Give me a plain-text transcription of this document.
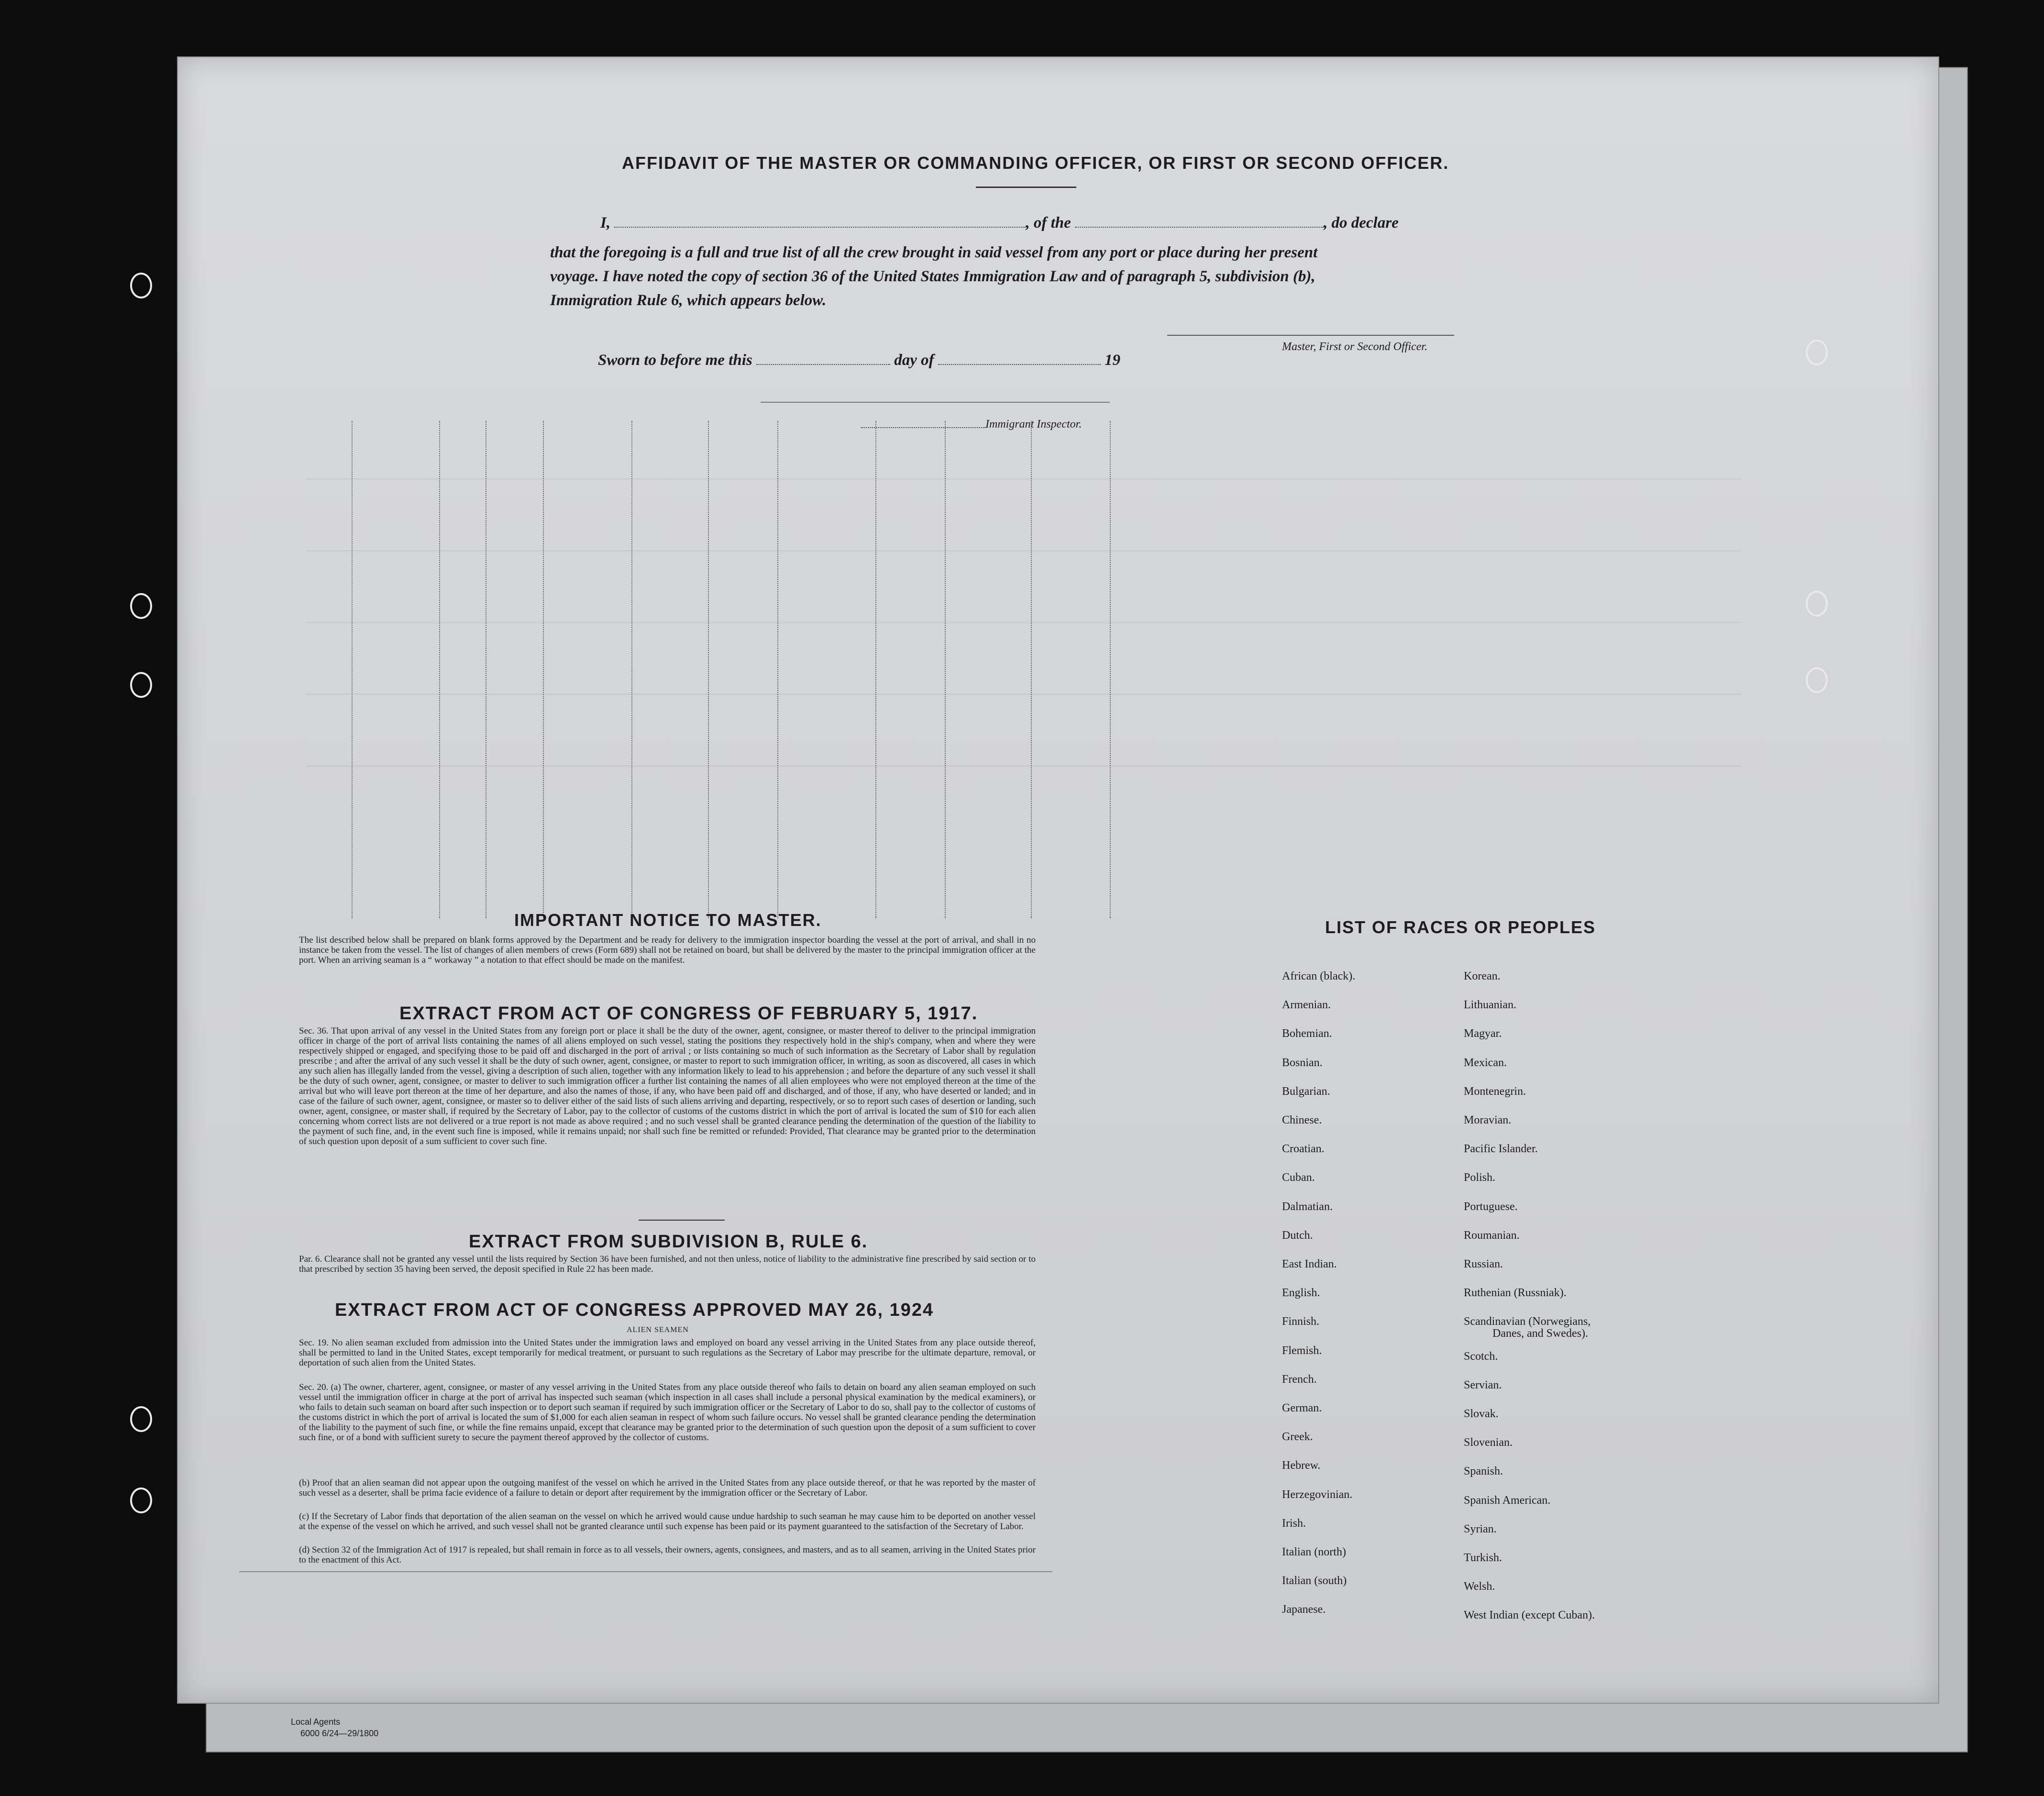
AFFIDAVIT OF THE MASTER OR COMMANDING OFFICER, OR FIRST OR SECOND OFFICER.
I,	, of the	, do declare
that the foregoing is a full and true list of all the crew brought in said vessel from any port or place during her present
voyage. I have noted the copy of section 36 of the United States Immigration Law and of paragraph 5, subdivision (b),
Immigration Rule 6, which appears below.
Master, First or Second Officer.
Sworn to before me this	day of	19
Immigrant Inspector.
IMPORTANT NOTICE TO MASTER.
The list described below shall be prepared on blank forms approved by the Department and be ready for delivery to the immigration inspector boarding the vessel at the port of arrival, and shall in no instance be taken from the vessel. The list of changes of alien members of crews (Form 689) shall not be retained on board, but shall be delivered by the master to the principal immigration officer at the port. When an arriving seaman is a “ workaway ” a notation to that effect should be made on the manifest.
EXTRACT FROM ACT OF CONGRESS OF FEBRUARY 5, 1917.
Sec. 36. That upon arrival of any vessel in the United States from any foreign port or place it shall be the duty of the owner, agent, consignee, or master thereof to deliver to the principal immigration officer in charge of the port of arrival lists containing the names of all aliens employed on such vessel, stating the positions they respectively hold in the ship's company, when and where they were respectively shipped or engaged, and specifying those to be paid off and discharged in the port of arrival ; or lists containing so much of such information as the Secretary of Labor shall by regulation prescribe ; and after the arrival of any such vessel it shall be the duty of such owner, agent, consignee, or master to report to such immigration officer, in writing, as soon as discovered, all cases in which any such alien has illegally landed from the vessel, giving a description of such alien, together with any information likely to lead to his apprehension ; and before the departure of any such vessel it shall be the duty of such owner, agent, consignee, or master to deliver to such immigration officer a further list containing the names of all alien employees who were not employed thereon at the time of the arrival but who will leave port thereon at the time of her departure, and also the names of those, if any, who have been paid off and discharged, and of those, if any, who have deserted or landed; and in case of the failure of such owner, agent, consignee, or master so to deliver either of the said lists of such aliens arriving and departing, respectively, or so to report such cases of desertion or landing, such owner, agent, consignee, or master shall, if required by the Secretary of Labor, pay to the collector of customs of the customs district in which the port of arrival is located the sum of $10 for each alien concerning whom correct lists are not delivered or a true report is not made as above required ; and no such vessel shall be granted clearance pending the determination of the question of the liability to the payment of such fine, and, in the event such fine is imposed, while it remains unpaid; nor shall such fine be remitted or refunded: Provided, That clearance may be granted prior to the determination of such question upon deposit of a sum sufficient to cover such fine.
EXTRACT FROM SUBDIVISION B, RULE 6.
Par. 6. Clearance shall not be granted any vessel until the lists required by Section 36 have been furnished, and not then unless, notice of liability to the administrative fine prescribed by said section or to that prescribed by section 35 having been served, the deposit specified in Rule 22 has been made.
EXTRACT FROM ACT OF CONGRESS APPROVED MAY 26, 1924
ALIEN SEAMEN
Sec. 19. No alien seaman excluded from admission into the United States under the immigration laws and employed on board any vessel arriving in the United States from any place outside thereof, shall be permitted to land in the United States, except temporarily for medical treatment, or pursuant to such regulations as the Secretary of Labor may prescribe for the ultimate departure, removal, or deportation of such alien from the United States.
Sec. 20. (a) The owner, charterer, agent, consignee, or master of any vessel arriving in the United States from any place outside thereof who fails to detain on board any alien seaman employed on such vessel until the immigration officer in charge at the port of arrival has inspected such seaman (which inspection in all cases shall include a personal physical examination by the medical examiners), or who fails to detain such seaman on board after such inspection or to deport such seaman if required by such immigration officer or the Secretary of Labor to do so, shall pay to the collector of customs of the customs district in which the port of arrival is located the sum of $1,000 for each alien seaman in respect of whom such failure occurs. No vessel shall be granted clearance pending the determination of the liability to the payment of such fine, or while the fine remains unpaid, except that clearance may be granted prior to the determination of such question upon the deposit of a sum sufficient to cover such fine, or of a bond with sufficient surety to secure the payment thereof approved by the collector of customs.
(b) Proof that an alien seaman did not appear upon the outgoing manifest of the vessel on which he arrived in the United States from any place outside thereof, or that he was reported by the master of such vessel as a deserter, shall be prima facie evidence of a failure to detain or deport after requirement by the immigration officer or the Secretary of Labor.
(c) If the Secretary of Labor finds that deportation of the alien seaman on the vessel on which he arrived would cause undue hardship to such seaman he may cause him to be deported on another vessel at the expense of the vessel on which he arrived, and such vessel shall not be granted clearance until such expense has been paid or its payment guaranteed to the satisfaction of the Secretary of Labor.
(d) Section 32 of the Immigration Act of 1917 is repealed, but shall remain in force as to all vessels, their owners, agents, consignees, and masters, and as to all seamen, arriving in the United States prior to the enactment of this Act.
LIST OF RACES OR PEOPLES
African (black).
Armenian.
Bohemian.
Bosnian.
Bulgarian.
Chinese.
Croatian.
Cuban.
Dalmatian.
Dutch.
East Indian.
English.
Finnish.
Flemish.
French.
German.
Greek.
Hebrew.
Herzegovinian.
Irish.
Italian (north)
Italian (south)
Japanese.
Korean.
Lithuanian.
Magyar.
Mexican.
Montenegrin.
Moravian.
Pacific Islander.
Polish.
Portuguese.
Roumanian.
Russian.
Ruthenian (Russniak).
Scandinavian (Norwegians,
Scotch.
Servian.
Slovak.
Slovenian.
Spanish.
Spanish American.
Syrian.
Turkish.
Welsh.
West Indian (except Cuban).
Danes, and Swedes).
Local Agents
6000 6/24—29/1800
